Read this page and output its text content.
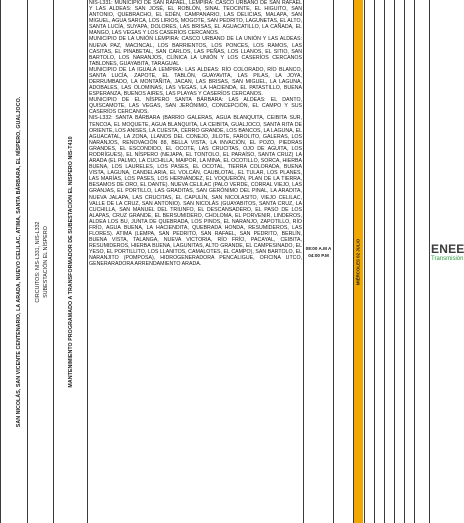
SAN NICOLÁS, SAN VICENTE CENTENARIO, LA ARADA, NUEVO CELILAC, ATIMA, SANTA BÁRBARA, EL NÍSPERO, GUALJOCO. CIRCUITOS: NIS-L331, NIS-L332 SUBESTACIÓN EL NÍSPERO	MANTENIMIENTO PROGRAMADO A TRANSFORMADOR DE SUBESTACIÓN EL NISPERO NIS-T410

NIS-L331: MUNICIPIO DE SAN RAFAEL, LEMPIRA: CASCO URBANO DE SAN RAFAEL Y LAS ALDEAS: SAN JOSÉ, EL ROBLÓN, SINAL TEOCINTE, EL HIGUITO, SAN ANTONIO, QUEBRACHO, EL EDÉN, CAMPANARIO, LAS DELICIAS, MALAPA, SAN MIGUEL, AGUA SARCA, LOS LIRIOS, MOGOTE, SAN PEDRITO, LAGUNETAS, EL ALTO, SANTA LUCÍA, SUYAPA, DOLORES, LAS BRISAS, EL AGUACATILLO, LA CAÑADA, EL MANGO, LAS VEGAS Y LOS CASERÍOS CERCANOS.

MUNICIPIO DE LA UNIÓN LEMPIRA: CASCO URBANO DE LA UNIÓN Y LAS ALDEAS: NUEVA PAZ, MACINCAL, LOS BARRIENTOS, LOS PONCES, LOS RAMOS, LAS CASITAS, EL PINABETAL, SAN CARLOS, LAS PEÑAS, LOS LLANOS, EL SITIO, SAN BARTOLO, LOS NARANJOS, CLÍNICA LA UNIÓN Y LOS CASERÍOS CERCANOS TABLONES, GUAYABITA, TARAGUAL

MUNICIPIO DE LA IGUALA LEMPIRA: LAS ALDEAS: RÍO COLORADO, RÍO BLANCO, SANTA LUCÍA, ZAPOTE, EL TABLÓN, GUAYAVITA, LAS PILAS, LA JOYA, DERRUMBADO, LA MONTAÑITA, JACAN, LAS BRISAS, SAN MIGUEL, LA LAGUNA, ADOBALES, LAS OLOMINAS, LAS VEGAS, LA HACIENDA, EL PATASTILLO, BUENA ESPERANZA, BUENOS AIRES, LAS PLAYAS Y CASERÍOS CERCANOS.

MUNICIPIO DE EL NÍSPERO SANTA BÁRBARA: LAS ALDEAS: EL DANTO, QUISCAMOTE, LAS VEGAS, SAN JERÓNIMO, CONCEPCIÓN, EL CAMPO Y SUS CASERÍOS CERCANOS.

NIS-L332: SANTA BÁRBARA (BARRIO GALERAS, AGUA BLANQUITA, CEIBITA SUR, TENCOA, EL MOQUETE, AGUA BLANQUITA, LA CEIBITA, GUALJOCO, SANTA RITA DE ORIENTE, LOS ANISES, LA CUESTA, CERRO GRANDE, LOS BANCOS, LA LAGUNA, EL AGUACATAL, LA ZONA, LLANOS DEL CONEJO, JILOTE, FAROLITO, GALERAS, LOS NARANJOS, RENOVACIÓN 88, BELLA VISTA, LA INVACIÓN, EL POZO, PIEDRAS GRANDES, EL ESCONDIDO, EL OCOTE, LAS CRUCITAS, OJO DE AGUITA, LOS RODRÍGUES), EL NÍSPERO (NEJAPA, EL TONTOLO, EL PARAÍSO, SANTA CRUZ) LA ARADA (EL PALMO, LA CUCHILLA, MAIPOR, LA MINA, EL OCOTILLO, SORCA, HIERBA BUENA, LOS LAURELES, LOS PASES, EL OCOTAL, TIERRA COLORADA, BUENA VISTA, LAGUNA, CANDELARIA, EL VOLCÁN, CAUBLOTAL, EL TULAR, LOS PLANES, LAS MARÍAS, LOS PASES, LOS HERNÁNDEZ, EL VOQUERÓN, PLAN DE LA TIERRA, BESAMOS DE ORO, EL DANTE). NUEVA CELILAC (PALO VERDE, CORRAL VIEJO, LAS GRANJAS, EL PORTILLO, LAS GRADITAS, SAN GERÓNIMO DEL PINAL, LA ARADITA, NUEVA JALAPA, LAS CRUCITAS, EL CAPULÍN, SAN NICOLASITO, VIEJO CELILAC, VALLE DE LA CRUZ, SAN ANTONIO). SAN NICOLÁS (GUAYABITOS, SANTA CRUZ, LA CUCHILLA, SAN MANUEL DEL TRIUNFO, EL DESCANSADERO, EL PASO DE LOS ALAPAS, CRUZ GRANDE, EL BERSUMIDERO, CHOLOMA, EL PORVENIR, LINDEROS, ALDEA LOS BU, JUNTA DE QUEBRADA, LOS PINOS, EL NARANJO, ZAPOTILLO, RÍO FRÍO, AGUA BUENA, LA HACIENDITA, QUEBRADA HONDA, RESUMIDEROS, LAS FLORES). ATIMA (LEMPA, SAN PEDRITO, SAN RAFAEL, SAN PEDRITO, BERLÍN, BUENA VISTA, TALANGA, NUEVA VICTORIA, RÍO FRÍO, PACAYAL, CEIBITA, RESUMIDEROS, HIERBA BUENA, LAGUNITAS, ALTO GRANDE, EL CAMPESINADO, EL YESO, EL PORTILLITO, LOS LLANITOS, CAMALOTES, EL CAMPO), SAN BARTOLO, EL NARANJITO (POMPOSA), HIDROGENERADORA PENCALIGUE, OFICINA UTCO, GENERARADORA ARRENDAMIENTO ARADA.

08:00 A.M A
04:00 P.M	MIÉRCOLES 02 JULIO	ENEE
Transmisión
